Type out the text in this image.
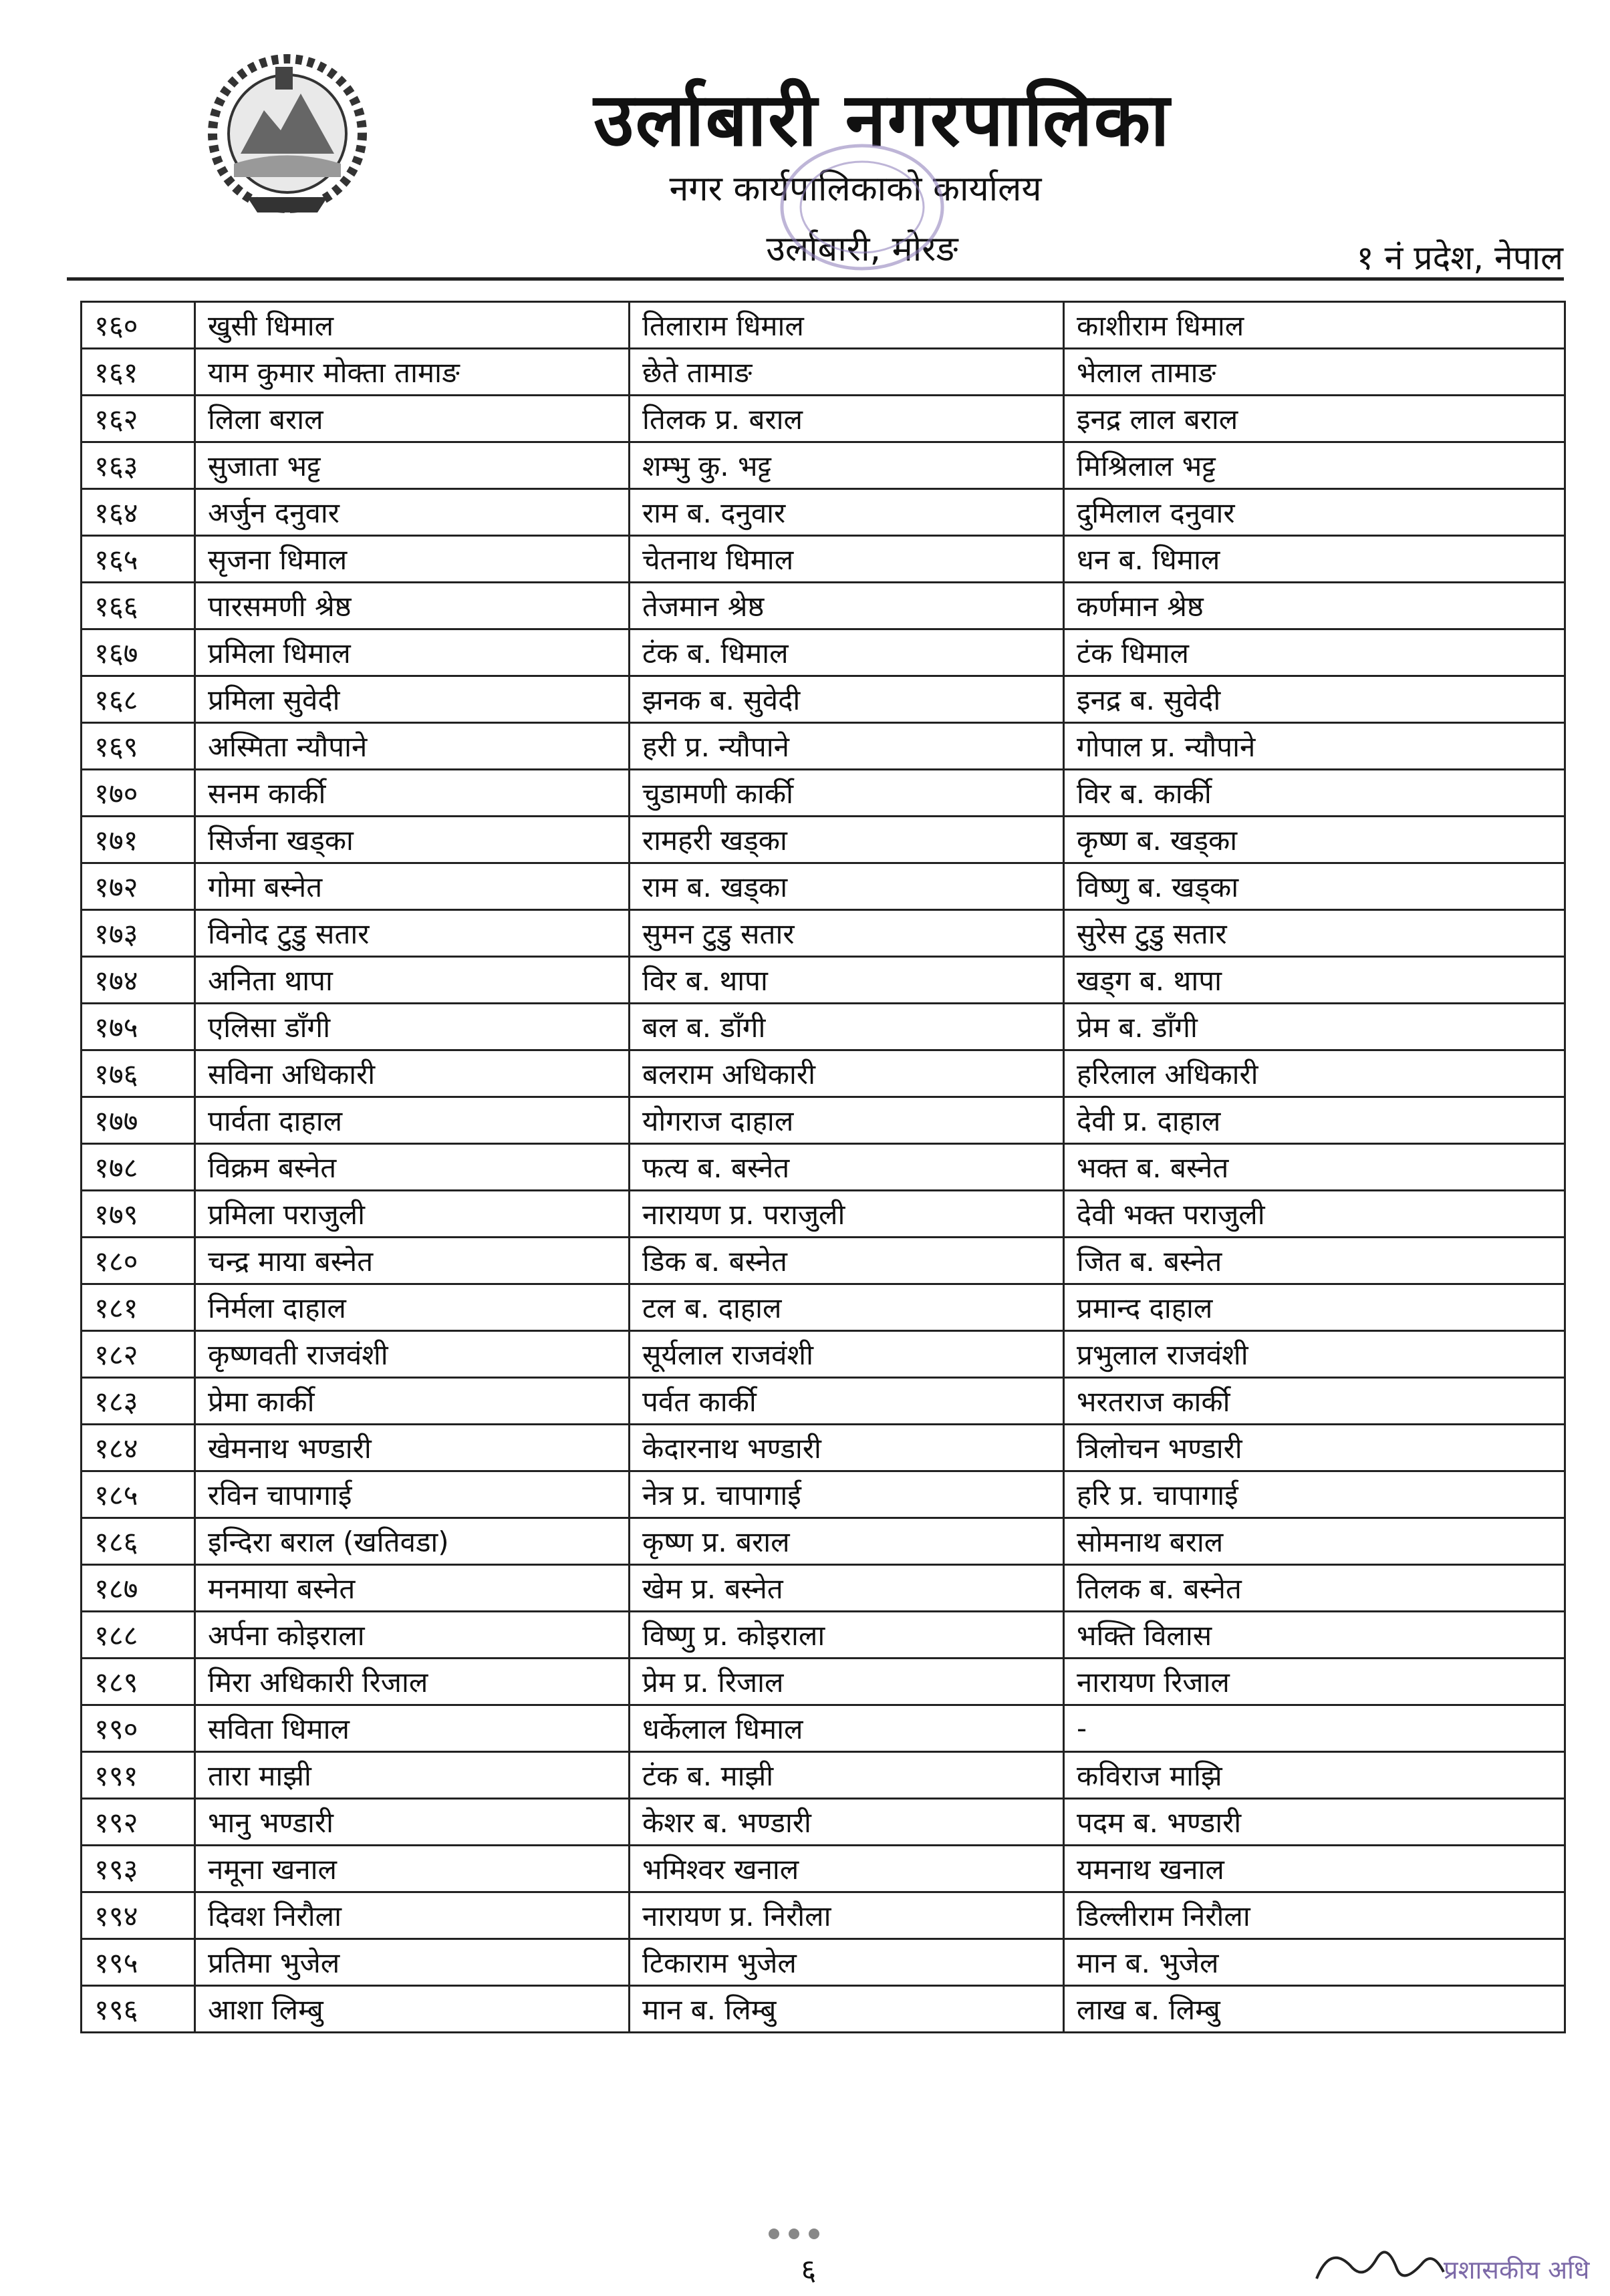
उर्लाबारी नगरपालिका
नगर कार्यपालिकाको कार्यालय
उर्लाबारी, मोरङ	१ नं प्रदेश, नेपाल
१६०	खुसी धिमाल	तिलाराम धिमाल	काशीराम धिमाल
१६१	याम कुमार मोक्ता तामाङ	छेते तामाङ	भेलाल तामाङ
१६२	लिला बराल	तिलक प्र. बराल	इनद्र लाल बराल
१६३	सुजाता भट्ट	शम्भु कु. भट्ट	मिश्रिलाल भट्ट
१६४	अर्जुन दनुवार	राम ब. दनुवार	दुमिलाल दनुवार
१६५	सृजना धिमाल	चेतनाथ धिमाल	धन ब. धिमाल
१६६	पारसमणी श्रेष्ठ	तेजमान श्रेष्ठ	कर्णमान श्रेष्ठ
१६७	प्रमिला धिमाल	टंक ब. धिमाल	टंक धिमाल
१६८	प्रमिला सुवेदी	झनक ब. सुवेदी	इनद्र ब. सुवेदी
१६९	अस्मिता न्यौपाने	हरी प्र. न्यौपाने	गोपाल प्र. न्यौपाने
१७०	सनम कार्की	चुडामणी कार्की	विर ब. कार्की
१७१	सिर्जना खड्का	रामहरी खड्का	कृष्ण ब. खड्का
१७२	गोमा बस्नेत	राम ब. खड्का	विष्णु ब. खड्का
१७३	विनोद टुडु सतार	सुमन टुडु सतार	सुरेस टुडु सतार
१७४	अनिता थापा	विर ब. थापा	खड्ग ब. थापा
१७५	एलिसा डाँगी	बल ब. डाँगी	प्रेम ब. डाँगी
१७६	सविना अधिकारी	बलराम अधिकारी	हरिलाल अधिकारी
१७७	पार्वता दाहाल	योगराज दाहाल	देवी प्र. दाहाल
१७८	विक्रम बस्नेत	फत्य ब. बस्नेत	भक्त ब. बस्नेत
१७९	प्रमिला पराजुली	नारायण प्र. पराजुली	देवी भक्त पराजुली
१८०	चन्द्र माया बस्नेत	डिक ब. बस्नेत	जित ब. बस्नेत
१८१	निर्मला दाहाल	टल ब. दाहाल	प्रमान्द दाहाल
१८२	कृष्णवती राजवंशी	सूर्यलाल राजवंशी	प्रभुलाल राजवंशी
१८३	प्रेमा कार्की	पर्वत कार्की	भरतराज कार्की
१८४	खेमनाथ भण्डारी	केदारनाथ भण्डारी	त्रिलोचन भण्डारी
१८५	रविन चापागाई	नेत्र प्र. चापागाई	हरि प्र. चापागाई
१८६	इन्दिरा बराल (खतिवडा)	कृष्ण प्र. बराल	सोमनाथ बराल
१८७	मनमाया बस्नेत	खेम प्र. बस्नेत	तिलक ब. बस्नेत
१८८	अर्पना कोइराला	विष्णु प्र. कोइराला	भक्ति विलास
१८९	मिरा अधिकारी रिजाल	प्रेम प्र. रिजाल	नारायण रिजाल
१९०	सविता धिमाल	धर्केलाल धिमाल	-
१९१	तारा माझी	टंक ब. माझी	कविराज माझि
१९२	भानु भण्डारी	केशर ब. भण्डारी	पदम ब. भण्डारी
१९३	नमूना खनाल	भमिश्वर खनाल	यमनाथ खनाल
१९४	दिवश निरौला	नारायण प्र. निरौला	डिल्लीराम निरौला
१९५	प्रतिमा भुजेल	टिकाराम भुजेल	मान ब. भुजेल
१९६	आशा लिम्बु	मान ब. लिम्बु	लाख ब. लिम्बु
६	प्रशासकीय अधि
